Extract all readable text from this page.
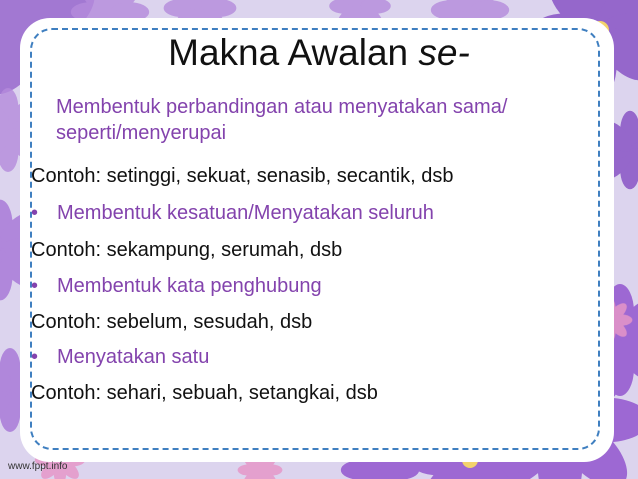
Makna Awalan se-
Membentuk perbandingan atau menyatakan sama/
seperti/menyerupai
Contoh: setinggi, sekuat, senasib, secantik, dsb
• Membentuk kesatuan/Menyatakan seluruh
Contoh: sekampung, serumah, dsb
• Membentuk kata penghubung
Contoh: sebelum, sesudah, dsb
• Menyatakan satu
Contoh: sehari, sebuah, setangkai, dsb
www.fppt.info
